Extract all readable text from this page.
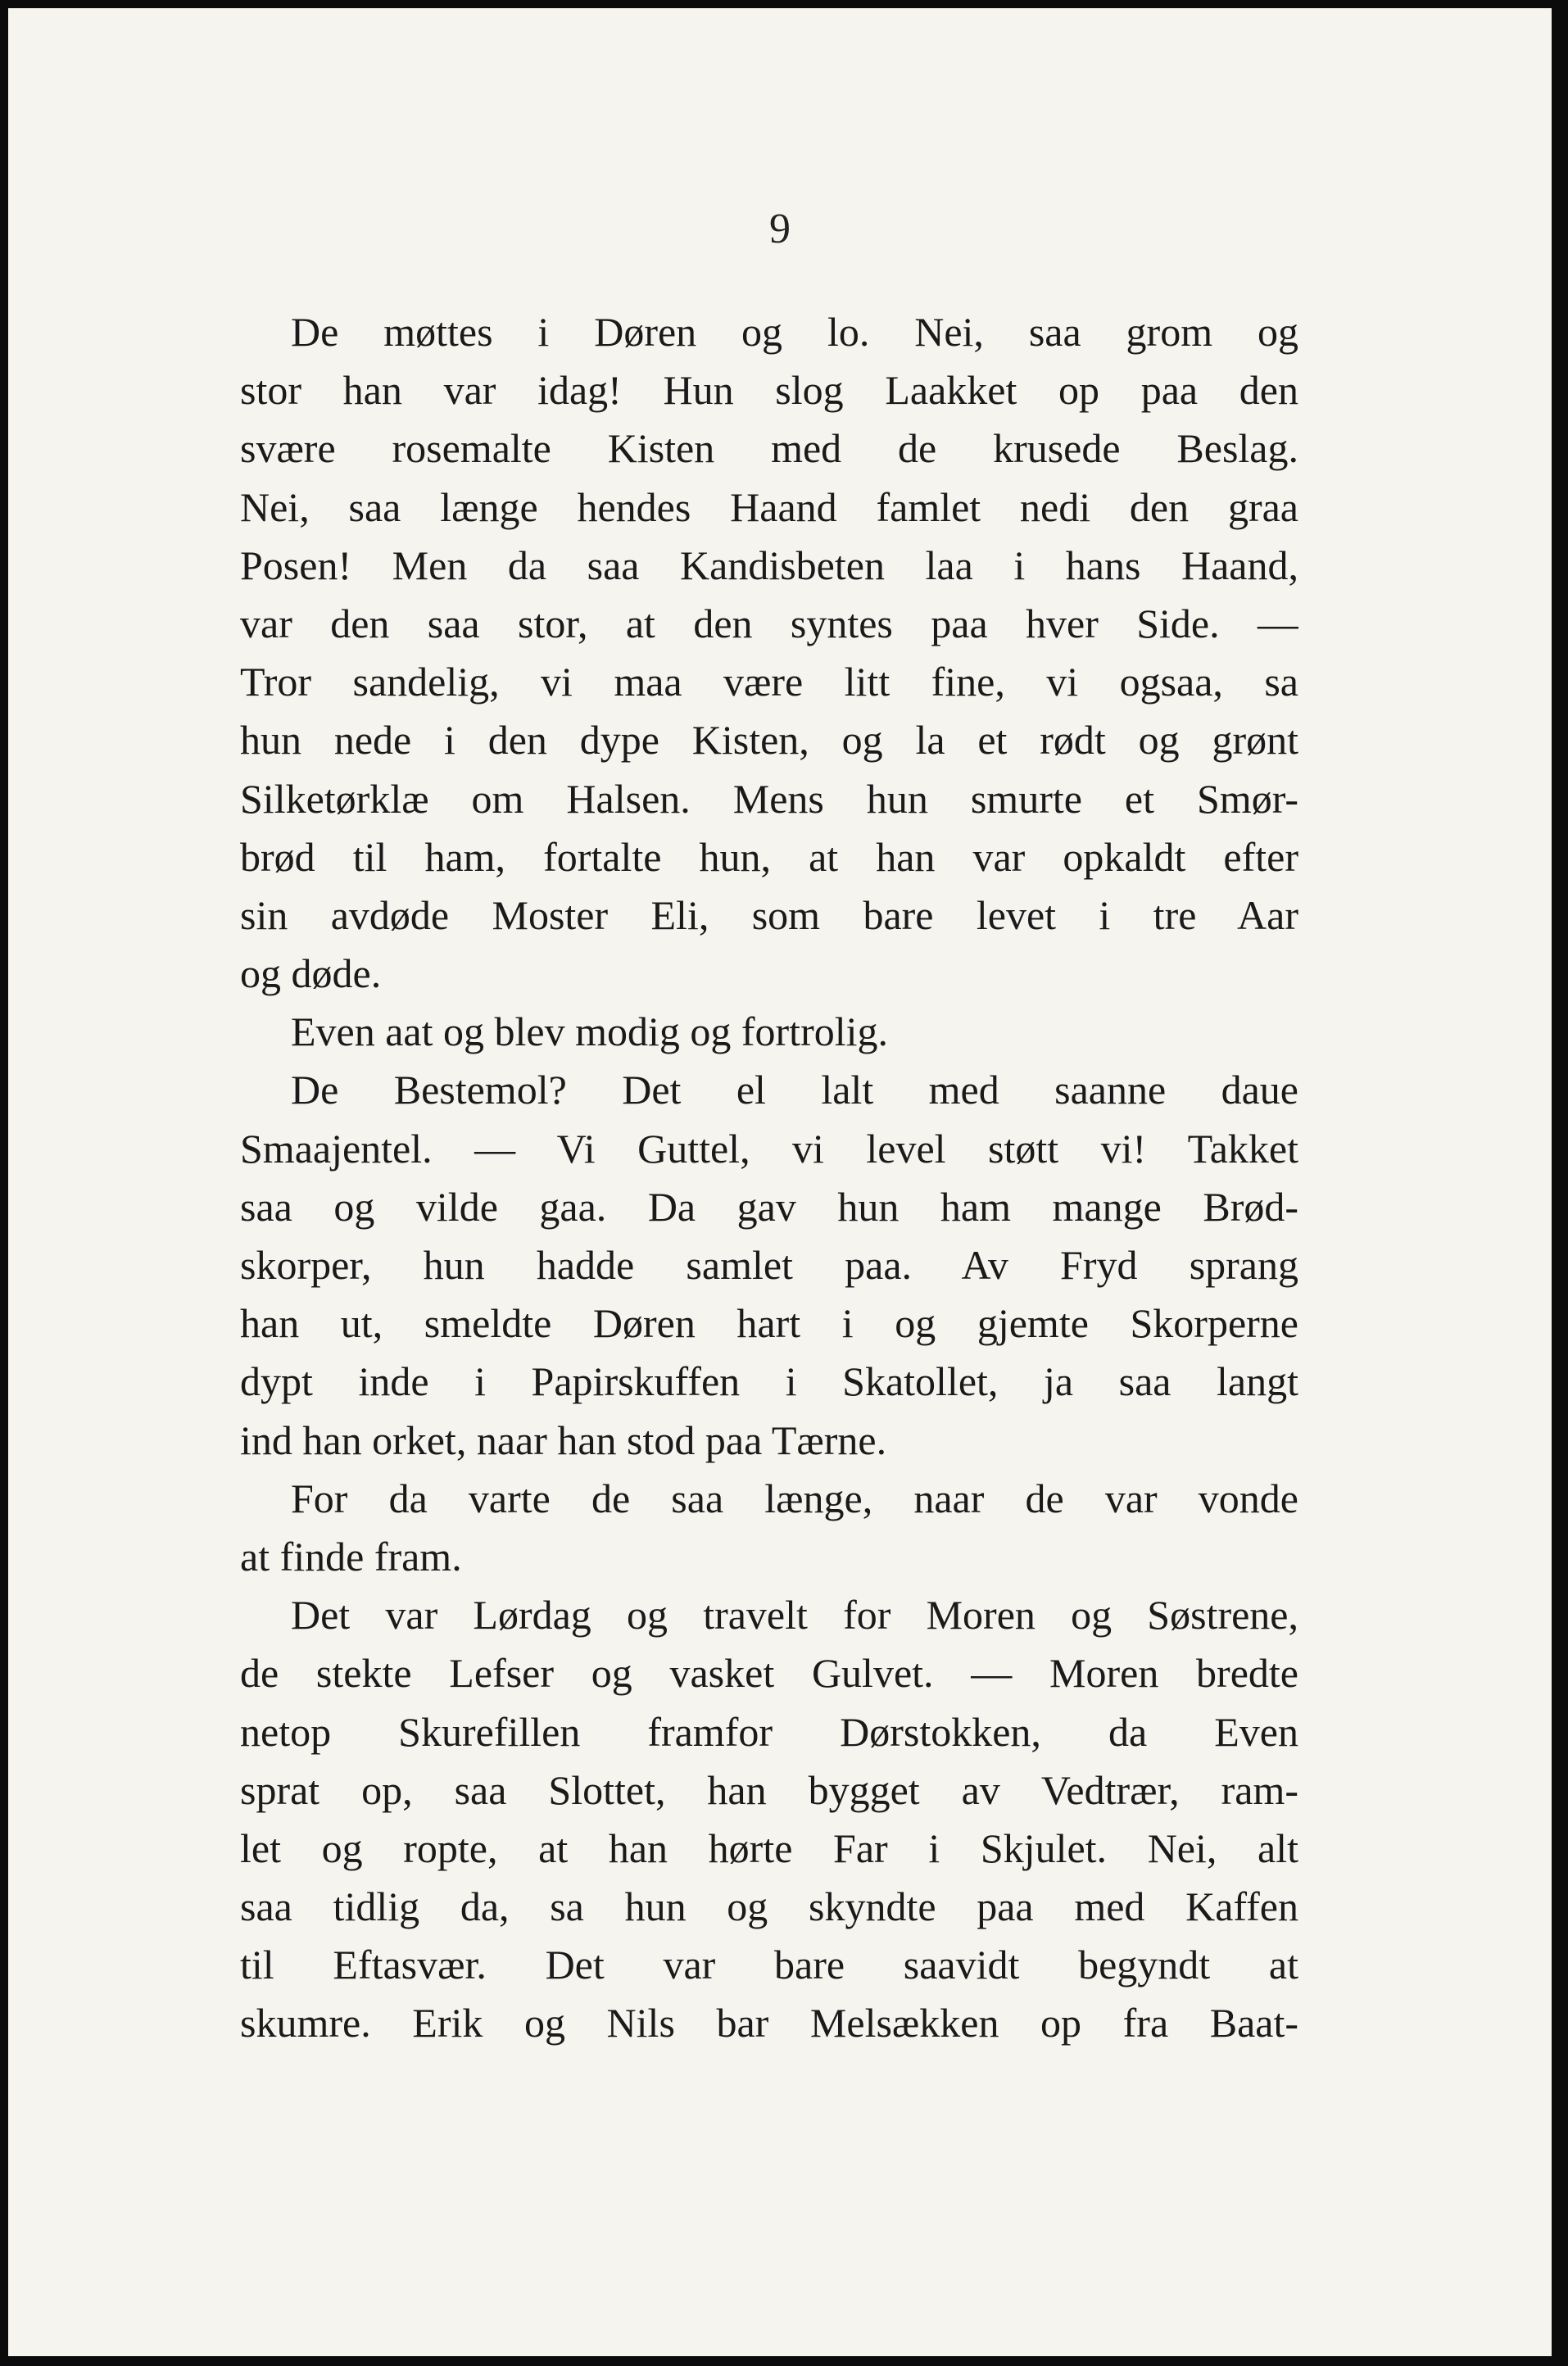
9
De møttes i Døren og lo. Nei, saa grom og
stor han var idag! Hun slog Laakket op paa den
svære rosemalte Kisten med de krusede Beslag.
Nei, saa længe hendes Haand famlet nedi den graa
Posen! Men da saa Kandisbeten laa i hans Haand,
var den saa stor, at den syntes paa hver Side. —
Tror sandelig, vi maa være litt fine, vi ogsaa, sa
hun nede i den dype Kisten, og la et rødt og grønt
Silketørklæ om Halsen. Mens hun smurte et Smør-
brød til ham, fortalte hun, at han var opkaldt efter
sin avdøde Moster Eli, som bare levet i tre Aar
og døde.
Even aat og blev modig og fortrolig.
De Bestemol? Det el lalt med saanne daue
Smaajentel. — Vi Guttel, vi level støtt vi! Takket
saa og vilde gaa. Da gav hun ham mange Brød-
skorper, hun hadde samlet paa. Av Fryd sprang
han ut, smeldte Døren hart i og gjemte Skorperne
dypt inde i Papirskuffen i Skatollet, ja saa langt
ind han orket, naar han stod paa Tærne.
For da varte de saa længe, naar de var vonde
at finde fram.
Det var Lørdag og travelt for Moren og Søstrene,
de stekte Lefser og vasket Gulvet. — Moren bredte
netop Skurefillen framfor Dørstokken, da Even
sprat op, saa Slottet, han bygget av Vedtrær, ram-
let og ropte, at han hørte Far i Skjulet. Nei, alt
saa tidlig da, sa hun og skyndte paa med Kaffen
til Eftasvær. Det var bare saavidt begyndt at
skumre. Erik og Nils bar Melsækken op fra Baat-
